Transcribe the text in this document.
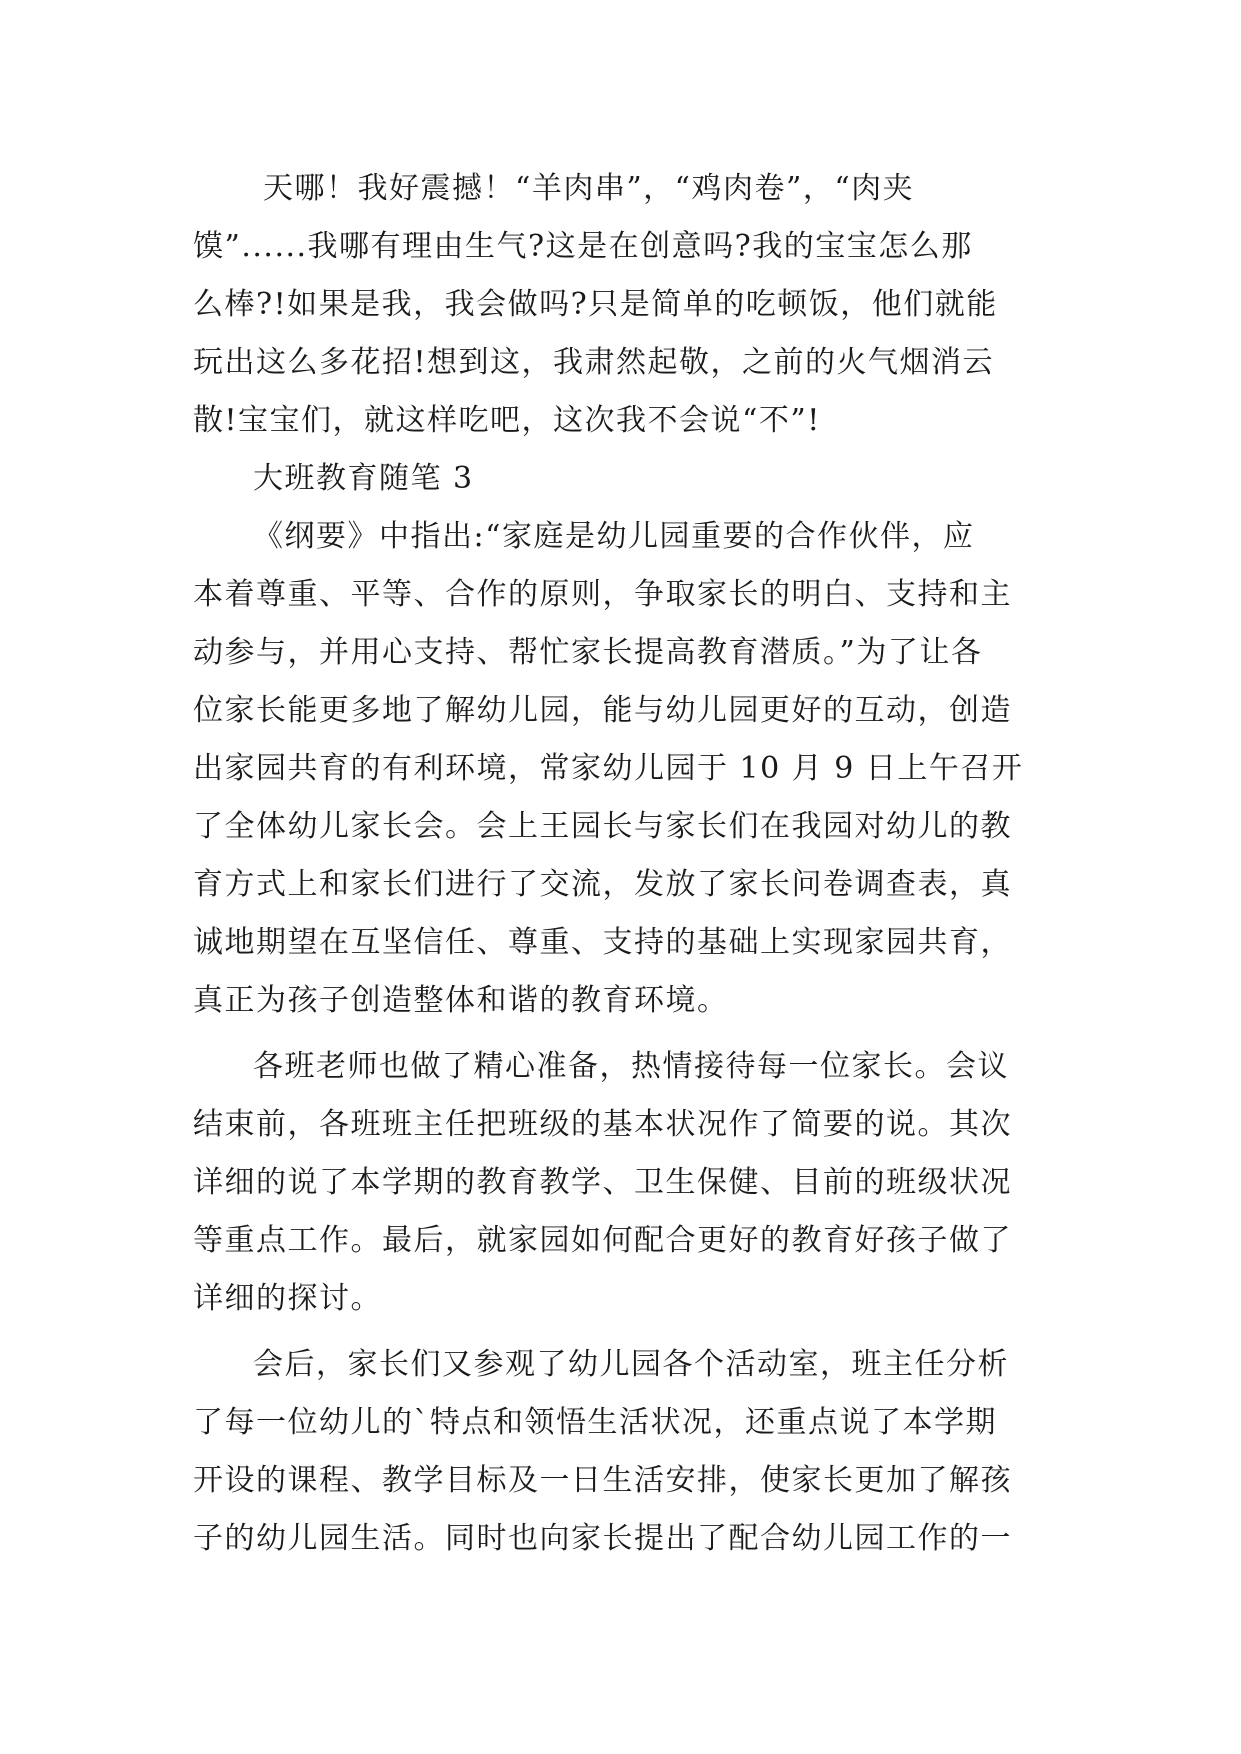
天哪！我好震撼！“羊肉串”，“鸡肉卷”，“肉夹
馍”......我哪有理由生气?这是在创意吗?我的宝宝怎么那
么棒?!如果是我，我会做吗?只是简单的吃顿饭，他们就能
玩出这么多花招!想到这，我肃然起敬，之前的火气烟消云
散!宝宝们，就这样吃吧，这次我不会说“不”!
大班教育随笔 3
《纲要》中指出:“家庭是幼儿园重要的合作伙伴，应
本着尊重、平等、合作的原则，争取家长的明白、支持和主
动参与，并用心支持、帮忙家长提高教育潜质。”为了让各
位家长能更多地了解幼儿园，能与幼儿园更好的互动，创造
出家园共育的有利环境，常家幼儿园于 10 月 9 日上午召开
了全体幼儿家长会。会上王园长与家长们在我园对幼儿的教
育方式上和家长们进行了交流，发放了家长问卷调查表，真
诚地期望在互坚信任、尊重、支持的基础上实现家园共育，
真正为孩子创造整体和谐的教育环境。
各班老师也做了精心准备，热情接待每一位家长。会议
结束前，各班班主任把班级的基本状况作了简要的说。其次
详细的说了本学期的教育教学、卫生保健、目前的班级状况
等重点工作。最后，就家园如何配合更好的教育好孩子做了
详细的探讨。
会后，家长们又参观了幼儿园各个活动室，班主任分析
了每一位幼儿的`特点和领悟生活状况，还重点说了本学期
开设的课程、教学目标及一日生活安排，使家长更加了解孩
子的幼儿园生活。同时也向家长提出了配合幼儿园工作的一
